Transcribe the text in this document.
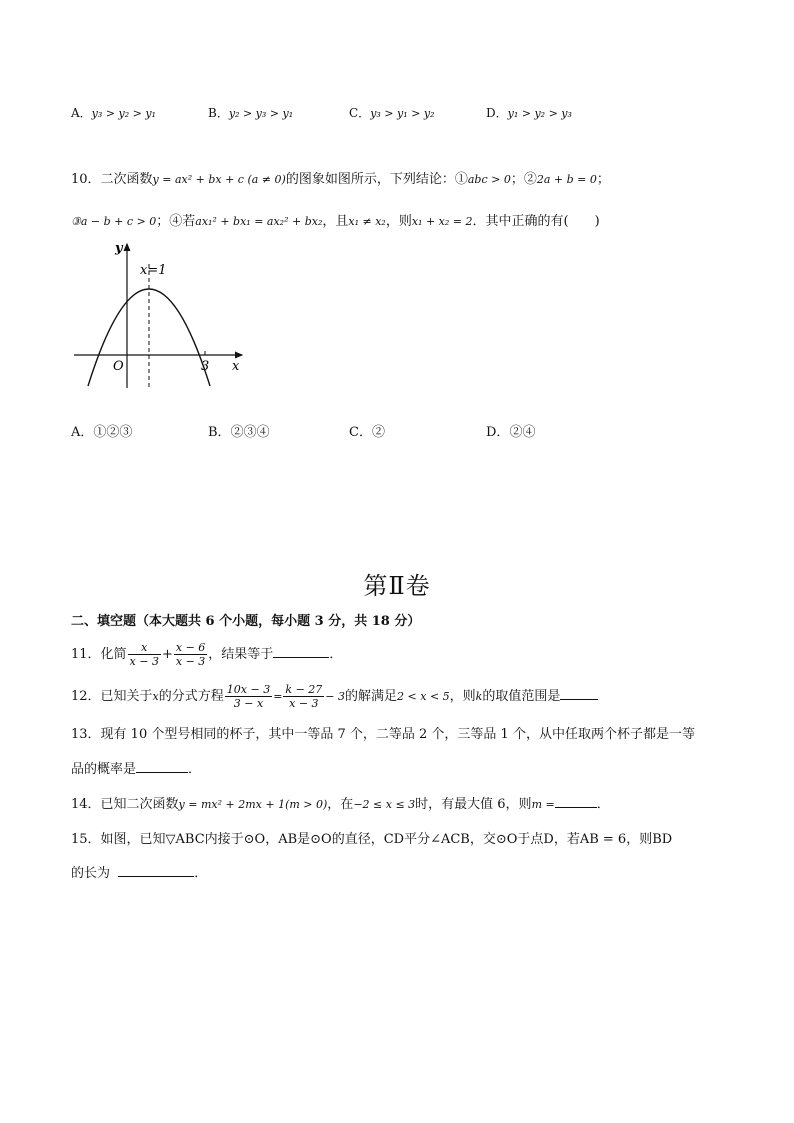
A．y₃ > y₂ > y₁	B．y₂ > y₃ > y₁	C．y₃ > y₁ > y₂	D．y₁ > y₂ > y₃
10．二次函数y = ax² + bx + c (a ≠ 0)的图象如图所示，下列结论：①abc > 0；②2a + b = 0；
③a − b + c > 0；④若ax₁² + bx₁ = ax₂² + bx₂，且x₁ ≠ x₂，则x₁ + x₂ = 2．其中正确的有(　　)
y
x
O	3
x=1
A．①②③	B．②③④	C．②	D．②④
第Ⅱ卷
二、填空题（本大题共 6 个小题，每小题 3 分，共 18 分）
11．化简 $\frac{x}{x - 3} + \frac{x - 6}{x - 3}$ ，结果等于	．
12．已知关于x的分式方程 $\frac{10x - 3}{3 - x} = \frac{k - 27}{x - 3} - 3$的解满足2 < x < 5，则k的取值范围是
13．现有 10 个型号相同的杯子，其中一等品 7 个，二等品 2 个，三等品 1 个，从中任取两个杯子都是一等
品的概率是	．
14．已知二次函数y = mx² + 2mx + 1(m > 0)，在−2 ≤ x ≤ 3时，有最大值 6，则m =	．
15．如图，已知▽ABC内接于⊙O，AB是⊙O的直径，CD平分∠ACB，交⊙O于点D，若AB = 6，则BD
的长为	．
